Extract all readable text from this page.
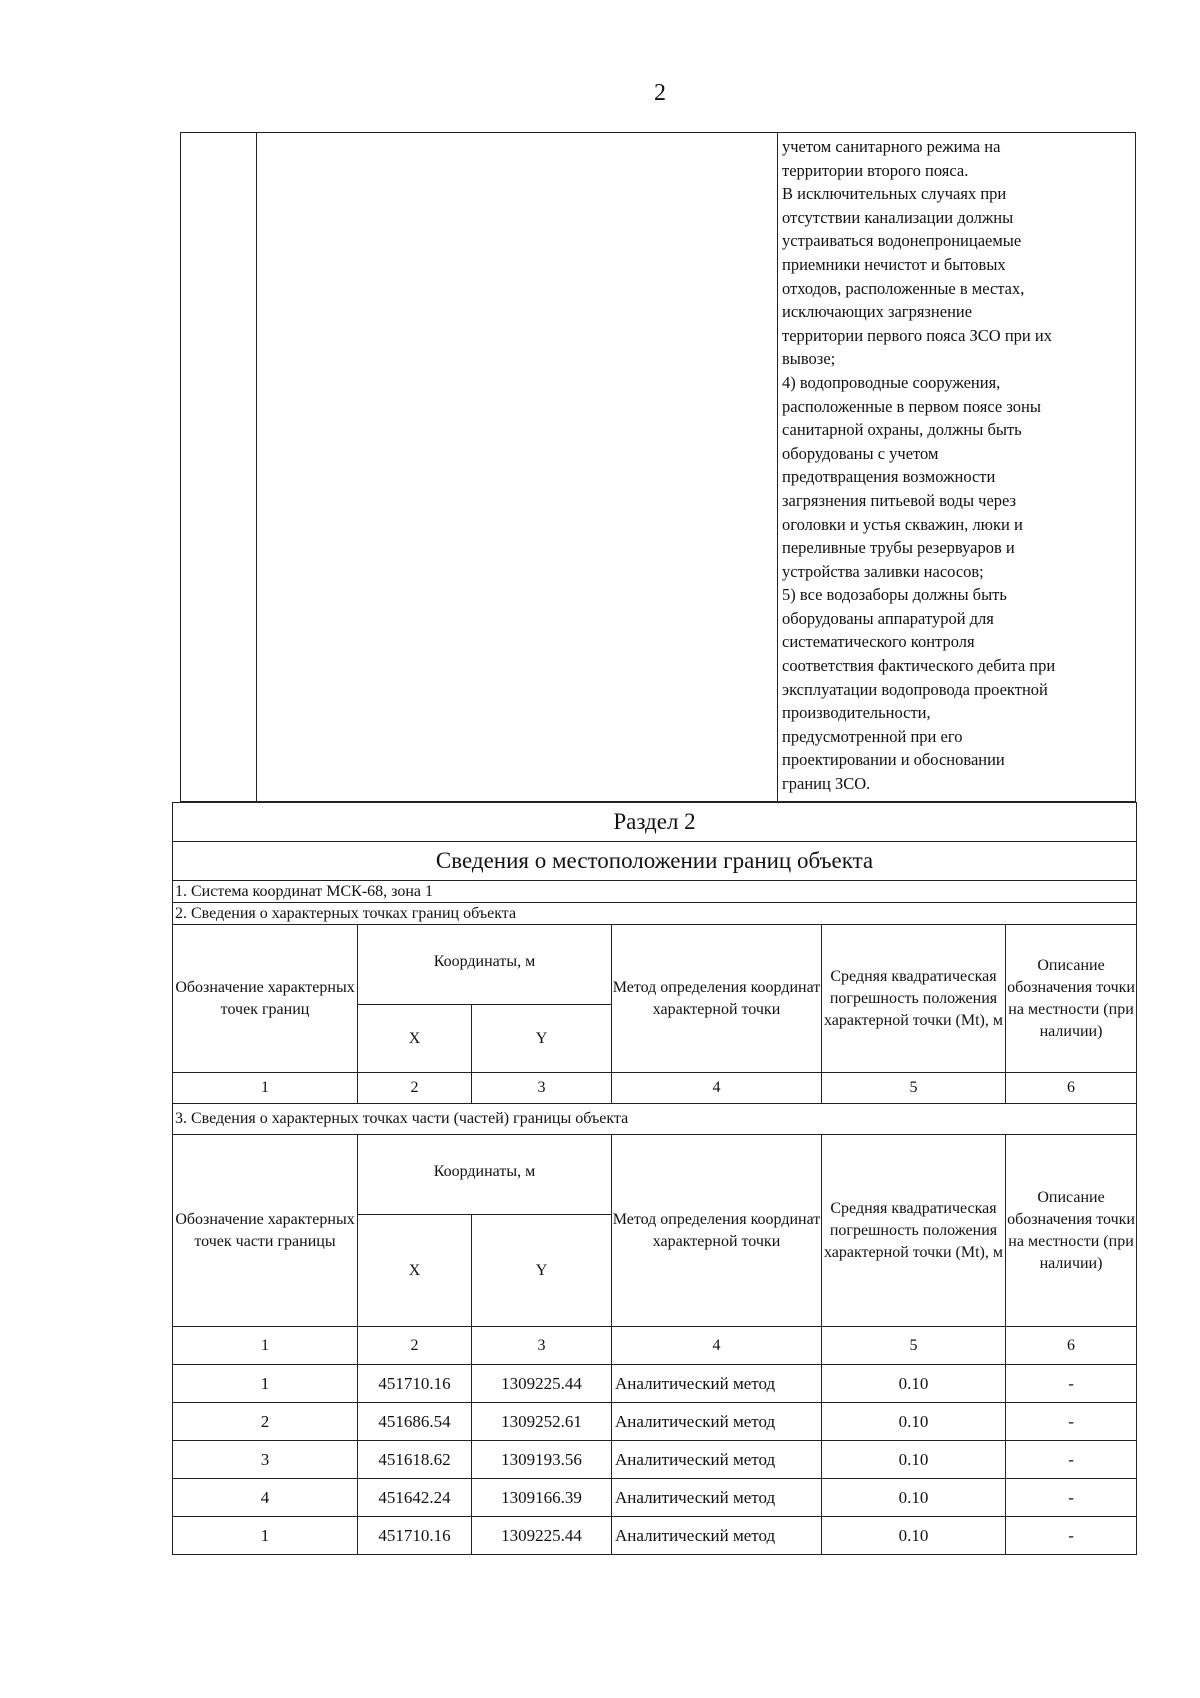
2

учетом санитарного режима на
территории второго пояса.
В исключительных случаях при
отсутствии канализации должны
устраиваться водонепроницаемые
приемники нечистот и бытовых
отходов, расположенные в местах,
исключающих загрязнение
территории первого пояса ЗСО при их
вывозе;
4) водопроводные сооружения,
расположенные в первом поясе зоны
санитарной охраны, должны быть
оборудованы с учетом
предотвращения возможности
загрязнения питьевой воды через
оголовки и устья скважин, люки и
переливные трубы резервуаров и
устройства заливки насосов;
5) все водозаборы должны быть
оборудованы аппаратурой для
систематического контроля
соответствия фактического дебита при
эксплуатации водопровода проектной
производительности,
предусмотренной при его
проектировании и обосновании
границ ЗСО.
Раздел 2					
Сведения о местоположении границ объекта					
1. Система координат МСК-68, зона 1					
2. Сведения о характерных точках границ объекта					
Обозначение характерных точек границ	Координаты, м		Метод определения координат характерной точки	Средняя квадратическая погрешность положения характерной точки (Mt), м	Описание обозначения точки на местности (при наличии)
	X	Y			
1	2	3	4	5	6
3. Сведения о характерных точках части (частей) границы объекта					
Обозначение характерных точек части границы	Координаты, м		Метод определения координат характерной точки	Средняя квадратическая погрешность положения характерной точки (Mt), м	Описание обозначения точки на местности (при наличии)
	X	Y			
1	2	3	4	5	6
1	451710.16	1309225.44	Аналитический метод	0.10	-
2	451686.54	1309252.61	Аналитический метод	0.10	-
3	451618.62	1309193.56	Аналитический метод	0.10	-
4	451642.24	1309166.39	Аналитический метод	0.10	-
1	451710.16	1309225.44	Аналитический метод	0.10	-
